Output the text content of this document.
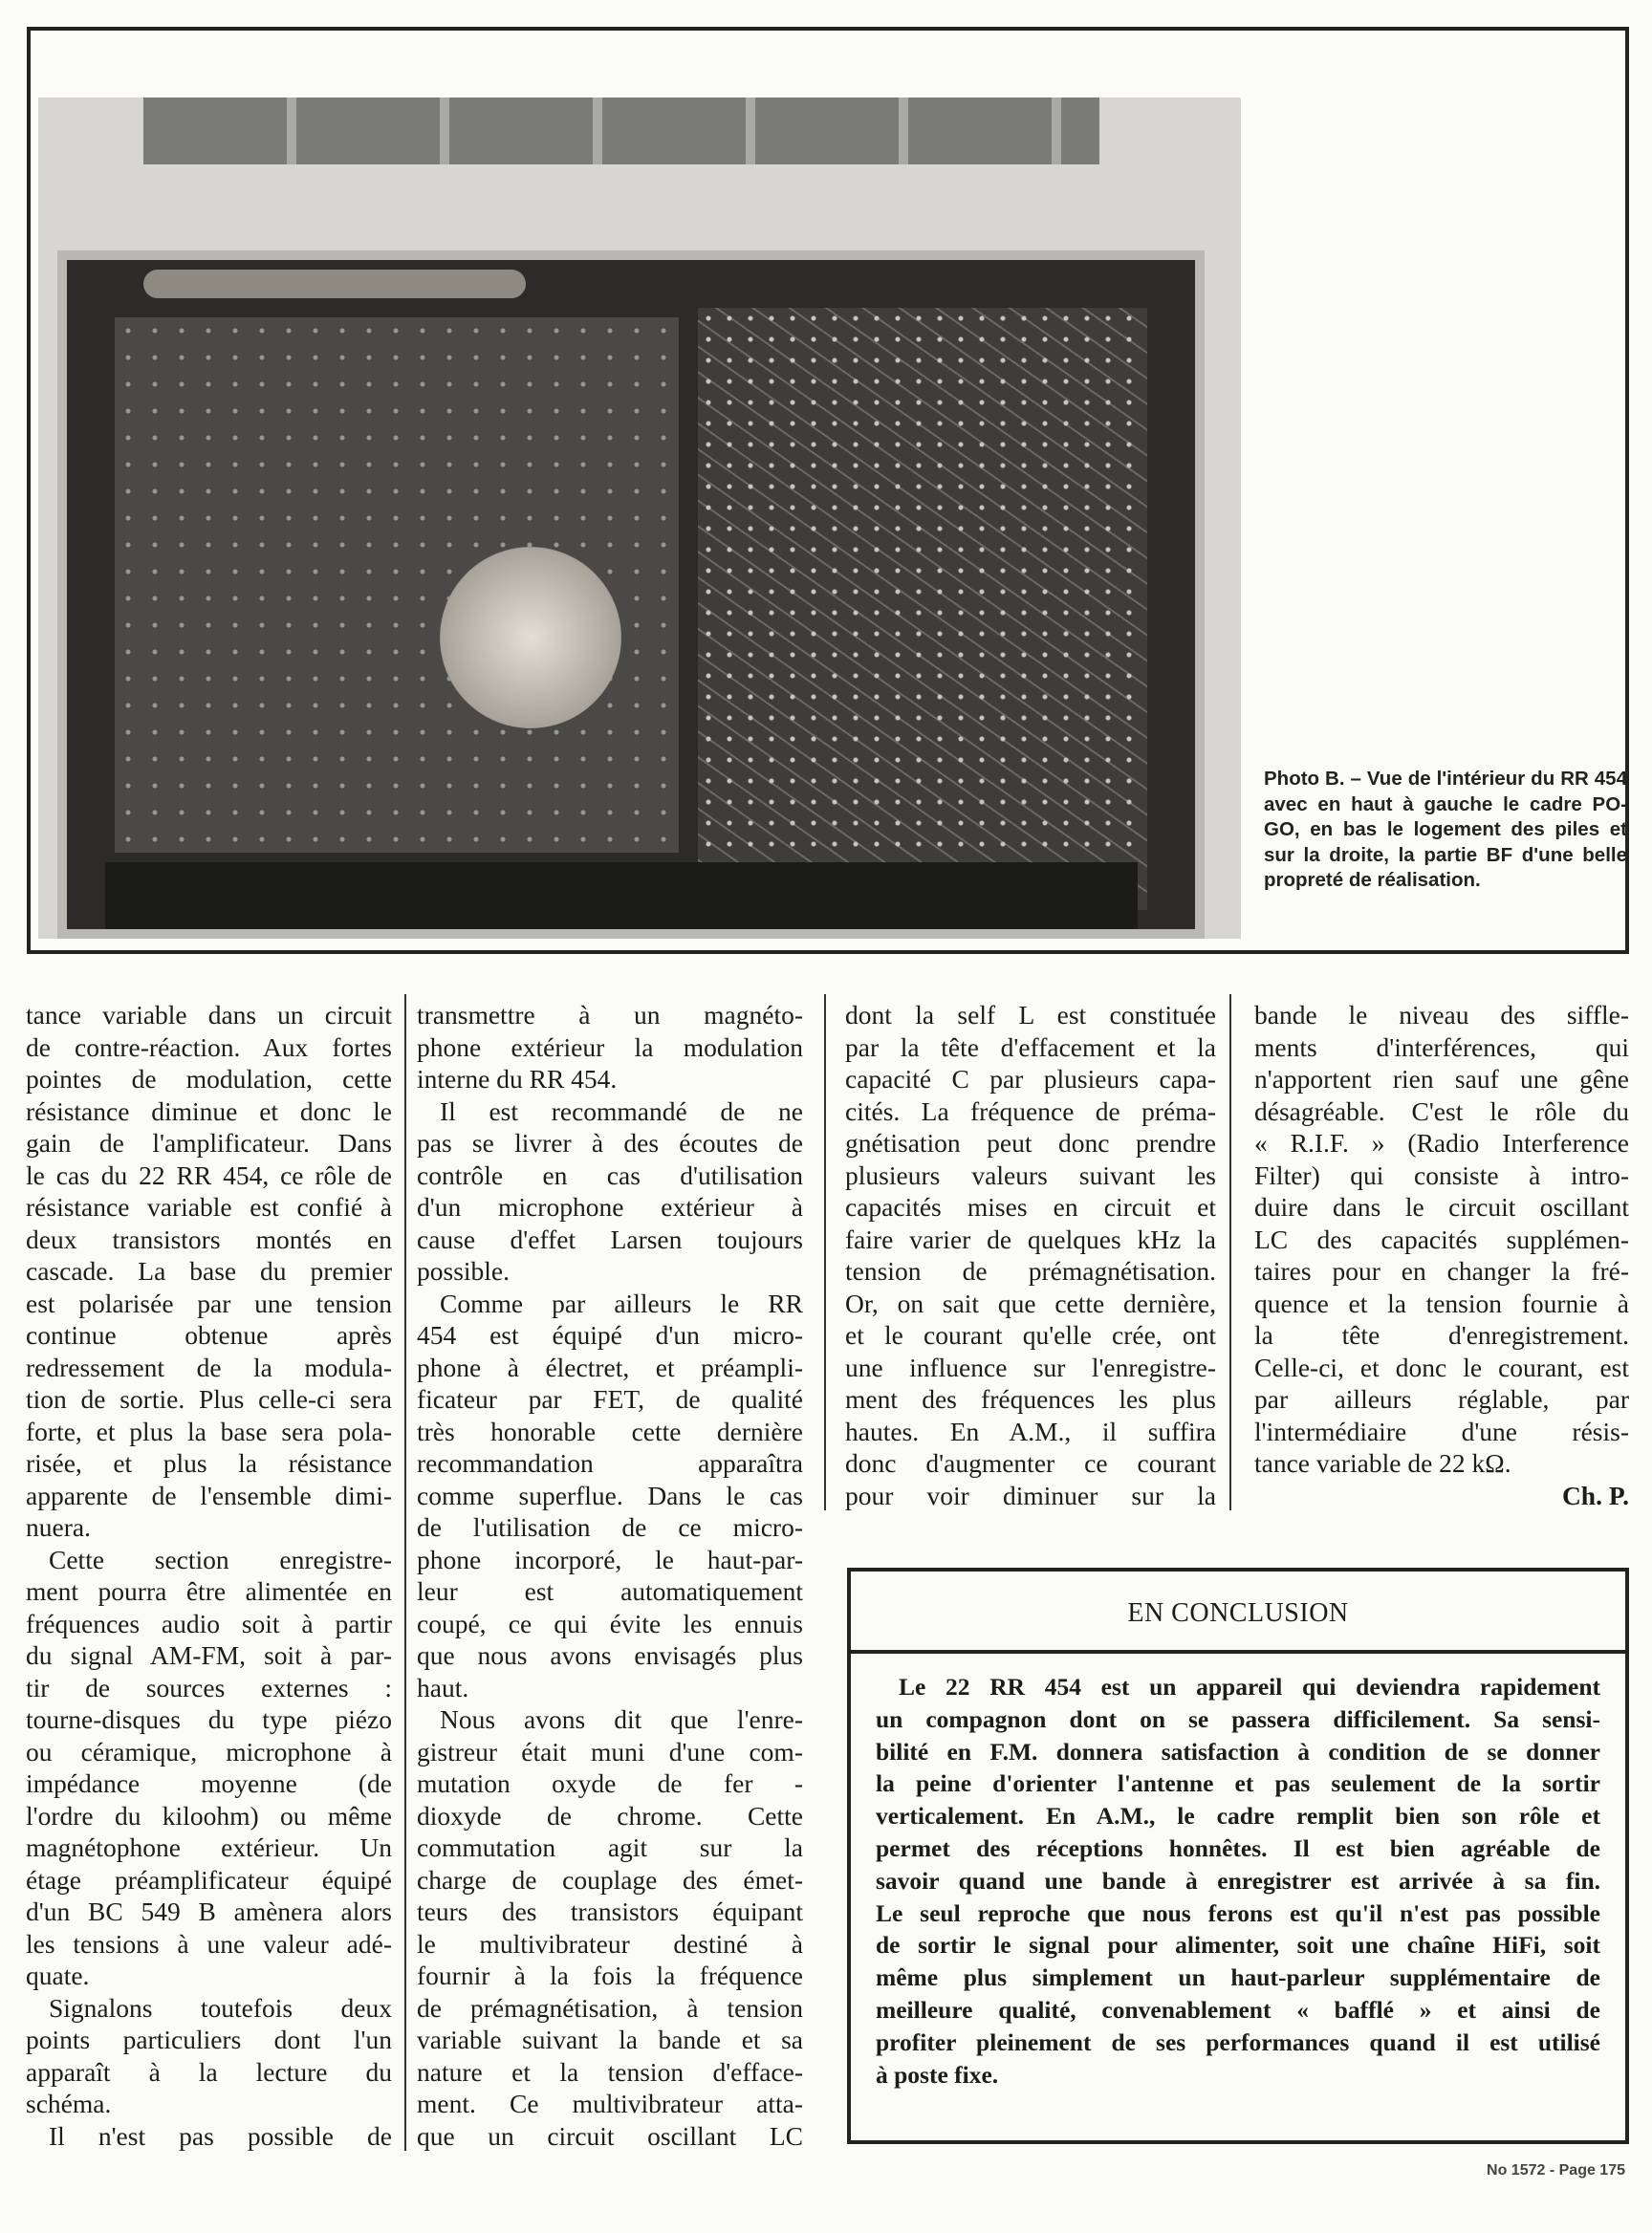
Photo B. – Vue de l'intérieur du RR 454 avec en haut à gauche le cadre PO-GO, en bas le logement des piles et sur la droite, la partie BF d'une belle propreté de réalisation.
tance variable dans un circuit
de contre-réaction. Aux fortes
pointes de modulation, cette
résistance diminue et donc le
gain de l'amplificateur. Dans
le cas du 22 RR 454, ce rôle de
résistance variable est confié à
deux transistors montés en
cascade. La base du premier
est polarisée par une tension
continue obtenue après
redressement de la modula-
tion de sortie. Plus celle-ci sera
forte, et plus la base sera pola-
risée, et plus la résistance
apparente de l'ensemble dimi-
nuera.
Cette section enregistre-
ment pourra être alimentée en
fréquences audio soit à partir
du signal AM-FM, soit à par-
tir de sources externes :
tourne-disques du type piézo
ou céramique, microphone à
impédance moyenne (de
l'ordre du kiloohm) ou même
magnétophone extérieur. Un
étage préamplificateur équipé
d'un BC 549 B amènera alors
les tensions à une valeur adé-
quate.
Signalons toutefois deux
points particuliers dont l'un
apparaît à la lecture du
schéma.
Il n'est pas possible de
transmettre à un magnéto-
phone extérieur la modulation
interne du RR 454.
Il est recommandé de ne
pas se livrer à des écoutes de
contrôle en cas d'utilisation
d'un microphone extérieur à
cause d'effet Larsen toujours
possible.
Comme par ailleurs le RR
454 est équipé d'un micro-
phone à électret, et préampli-
ficateur par FET, de qualité
très honorable cette dernière
recommandation apparaîtra
comme superflue. Dans le cas
de l'utilisation de ce micro-
phone incorporé, le haut-par-
leur est automatiquement
coupé, ce qui évite les ennuis
que nous avons envisagés plus
haut.
Nous avons dit que l'enre-
gistreur était muni d'une com-
mutation oxyde de fer -
dioxyde de chrome. Cette
commutation agit sur la
charge de couplage des émet-
teurs des transistors équipant
le multivibrateur destiné à
fournir à la fois la fréquence
de prémagnétisation, à tension
variable suivant la bande et sa
nature et la tension d'efface-
ment. Ce multivibrateur atta-
que un circuit oscillant LC
dont la self L est constituée
par la tête d'effacement et la
capacité C par plusieurs capa-
cités. La fréquence de préma-
gnétisation peut donc prendre
plusieurs valeurs suivant les
capacités mises en circuit et
faire varier de quelques kHz la
tension de prémagnétisation.
Or, on sait que cette dernière,
et le courant qu'elle crée, ont
une influence sur l'enregistre-
ment des fréquences les plus
hautes. En A.M., il suffira
donc d'augmenter ce courant
pour voir diminuer sur la
bande le niveau des siffle-
ments d'interférences, qui
n'apportent rien sauf une gêne
désagréable. C'est le rôle du
« R.I.F. » (Radio Interference
Filter) qui consiste à intro-
duire dans le circuit oscillant
LC des capacités supplémen-
taires pour en changer la fré-
quence et la tension fournie à
la tête d'enregistrement.
Celle-ci, et donc le courant, est
par ailleurs réglable, par
l'intermédiaire d'une résis-
tance variable de 22 kΩ.
Ch. P.
EN CONCLUSION
Le 22 RR 454 est un appareil qui deviendra rapidement
un compagnon dont on se passera difficilement. Sa sensi-
bilité en F.M. donnera satisfaction à condition de se donner
la peine d'orienter l'antenne et pas seulement de la sortir
verticalement. En A.M., le cadre remplit bien son rôle et
permet des réceptions honnêtes. Il est bien agréable de
savoir quand une bande à enregistrer est arrivée à sa fin.
Le seul reproche que nous ferons est qu'il n'est pas possible
de sortir le signal pour alimenter, soit une chaîne HiFi, soit
même plus simplement un haut-parleur supplémentaire de
meilleure qualité, convenablement « bafflé » et ainsi de
profiter pleinement de ses performances quand il est utilisé
à poste fixe.
No 1572 - Page 175
